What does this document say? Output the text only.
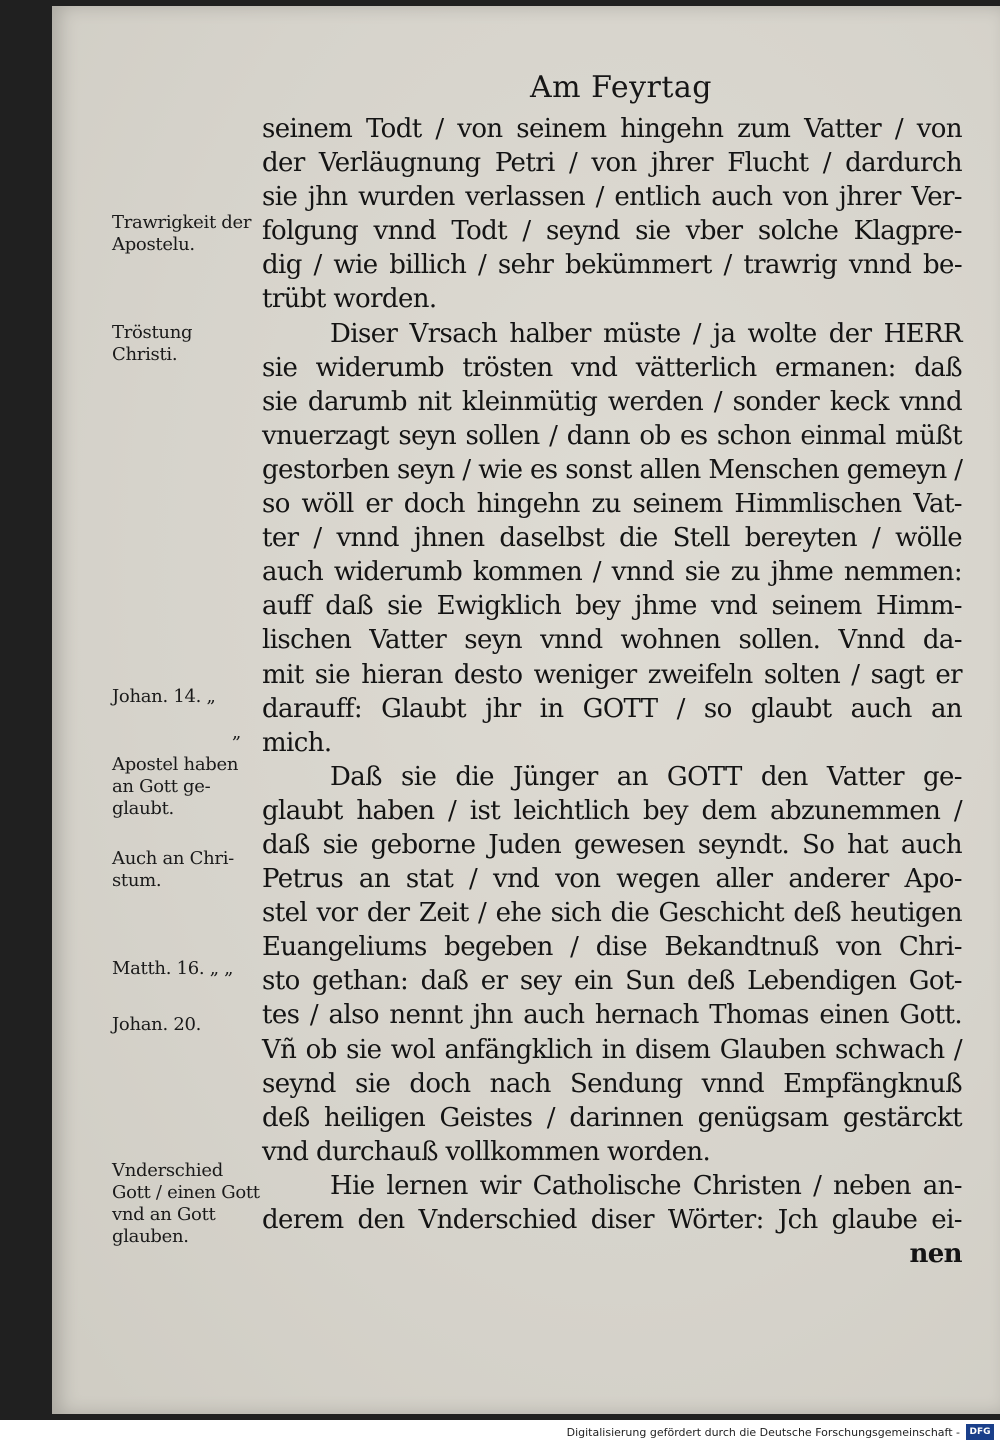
Am Feyrtag
seinem Todt / von seinem hingehn zum Vatter / von
der Verläugnung Petri / von jhrer Flucht / dardurch
sie jhn wurden verlassen / entlich auch von jhrer Ver-
folgung vnnd Todt / seynd sie vber solche Klagpre-
dig / wie billich / sehr bekümmert / trawrig vnnd be-
trübt worden.
Diser Vrsach halber müste / ja wolte der HERR
sie widerumb trösten vnd vätterlich ermanen: daß
sie darumb nit kleinmütig werden / sonder keck vnnd
vnuerzagt seyn sollen / dann ob es schon einmal müßt
gestorben seyn / wie es sonst allen Menschen gemeyn /
so wöll er doch hingehn zu seinem Himmlischen Vat-
ter / vnnd jhnen daselbst die Stell bereyten / wölle
auch widerumb kommen / vnnd sie zu jhme nemmen:
auff daß sie Ewigklich bey jhme vnd seinem Himm-
lischen Vatter seyn vnnd wohnen sollen. Vnnd da-
mit sie hieran desto weniger zweifeln solten / sagt er
darauff: Glaubt jhr in GOTT / so glaubt auch an
mich.
Daß sie die Jünger an GOTT den Vatter ge-
glaubt haben / ist leichtlich bey dem abzunemmen /
daß sie geborne Juden gewesen seyndt. So hat auch
Petrus an stat / vnd von wegen aller anderer Apo-
stel vor der Zeit / ehe sich die Geschicht deß heutigen
Euangeliums begeben / dise Bekandtnuß von Chri-
sto gethan: daß er sey ein Sun deß Lebendigen Got-
tes / also nennt jhn auch hernach Thomas einen Gott.
Vñ ob sie wol anfängklich in disem Glauben schwach /
seynd sie doch nach Sendung vnnd Empfängknuß
deß heiligen Geistes / darinnen genügsam gestärckt
vnd durchauß vollkommen worden.
Hie lernen wir Catholische Christen / neben an-
derem den Vnderschied diser Wörter: Jch glaube ei-
nen
Trawrigkeit der Apostelu.
Tröstung Christi.
Johan. 14. „
„
Apostel haben an Gott ge- glaubt.
Auch an Chri- stum.
Matth. 16. „ „
Johan. 20.
Vnderschied Gott / einen Gott vnd an Gott glauben.
Digitalisierung gefördert durch die Deutsche Forschungsgemeinschaft -	DFG
